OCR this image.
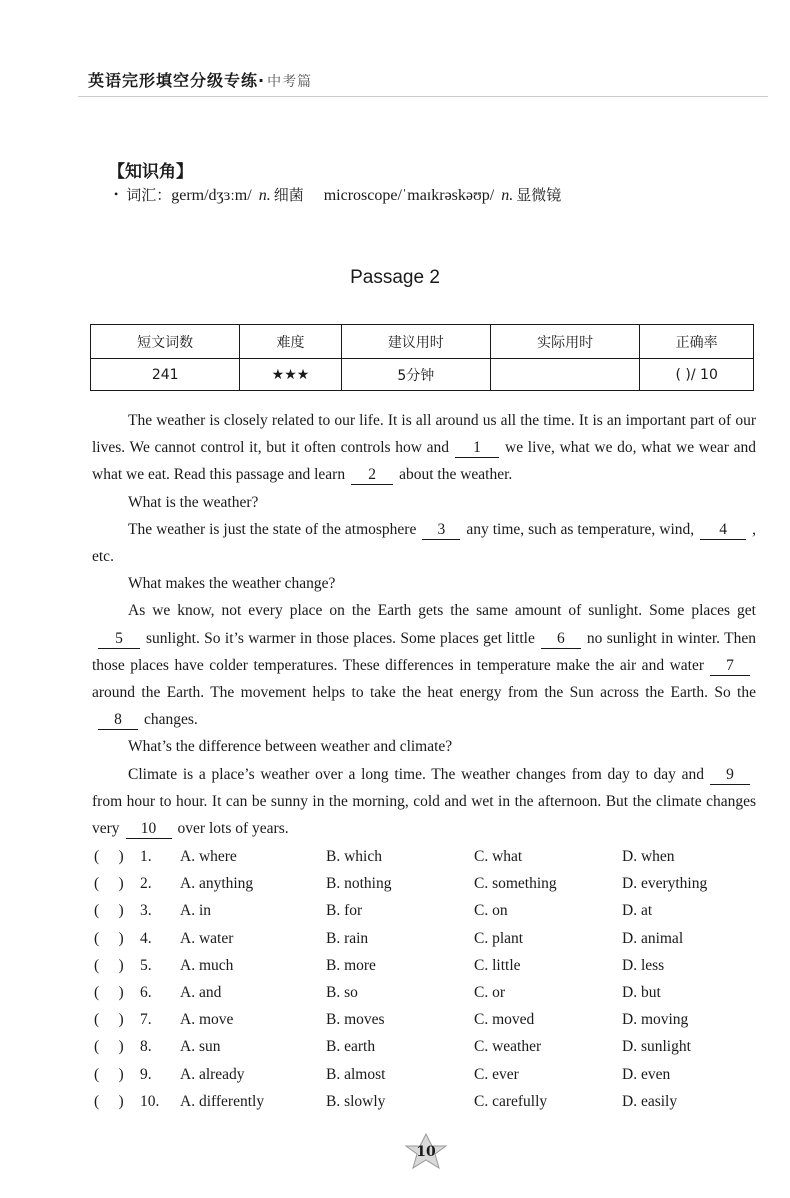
英语完形填空分级专练· 中考篇
【知识角】
• 词汇：germ/dʒɜːm/ n. 细菌 microscope/ˈmaɪkrəskəʊp/ n. 显微镜
Passage 2
短文词数	难度	建议用时	实际用时	正确率
241	★★★	5分钟		( )/ 10

The weather is closely related to our life. It is all around us all the time. It is an important part of our lives. We cannot control it, but it often controls how and 1 we live, what we do, what we wear and what we eat. Read this passage and learn 2 about the weather.

What is the weather?

The weather is just the state of the atmosphere 3 any time, such as temperature, wind, 4 , etc.

What makes the weather change?

As we know, not every place on the Earth gets the same amount of sunlight. Some places get5 sunlight. So it’s warmer in those places. Some places get little 6 no sunlight in winter. Then those places have colder temperatures. These differences in temperature make the air and water 7around the Earth. The movement helps to take the heat energy from the Sun across the Earth. So the8 changes.

What’s the difference between weather and climate?

Climate is a place’s weather over a long time. The weather changes from day to day and 9from hour to hour. It can be sunny in the morning, cold and wet in the afternoon. But the climate changes very 10 over lots of years.

(     ) 1. A. where	B. which	C. what	D. when
(     ) 2. A. anything	B. nothing	C. something	D. everything
(     ) 3. A. in	B. for	C. on	D. at
(     ) 4. A. water	B. rain	C. plant	D. animal
(     ) 5. A. much	B. more	C. little	D. less
(     ) 6. A. and	B. so	C. or	D. but
(     ) 7. A. move	B. moves	C. moved	D. moving
(     ) 8. A. sun	B. earth	C. weather	D. sunlight
(     ) 9. A. already	B. almost	C. ever	D. even
(     ) 10. A. differently	B. slowly	C. carefully	D. easily
10
